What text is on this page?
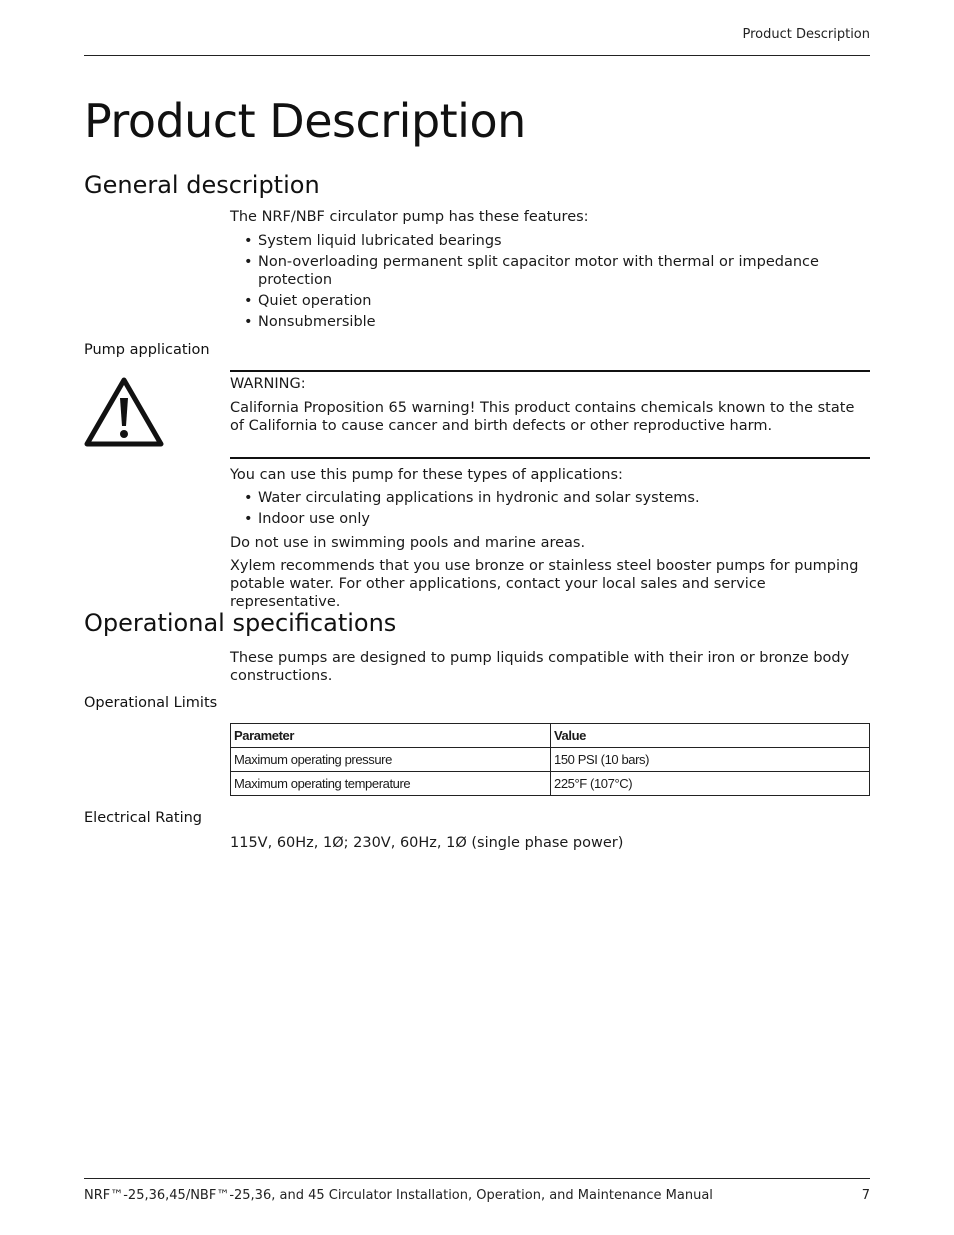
Product Description
Product Description
General description

The NRF/NBF circulator pump has these features:

• System liquid lubricated bearings
• Non-overloading permanent split capacitor motor with thermal or impedance protection
• Quiet operation
• Nonsubmersible
Pump application

WARNING:

California Proposition 65 warning! This product contains chemicals known to the state of California to cause cancer and birth defects or other reproductive harm.

You can use this pump for these types of applications:

• Water circulating applications in hydronic and solar systems.
• Indoor use only

Do not use in swimming pools and marine areas.

Xylem recommends that you use bronze or stainless steel booster pumps for pumping potable water. For other applications, contact your local sales and service representative.

Operational specifications

These pumps are designed to pump liquids compatible with their iron or bronze body constructions.

Operational Limits
Parameter	Value
Maximum operating pressure	150 PSI (10 bars)
Maximum operating temperature	225°F (107°C)
Electrical Rating

115V, 60Hz, 1Ø; 230V, 60Hz, 1Ø (single phase power)

NRF™-25,36,45/NBF™-25,36, and 45 Circulator Installation, Operation, and Maintenance Manual	7
